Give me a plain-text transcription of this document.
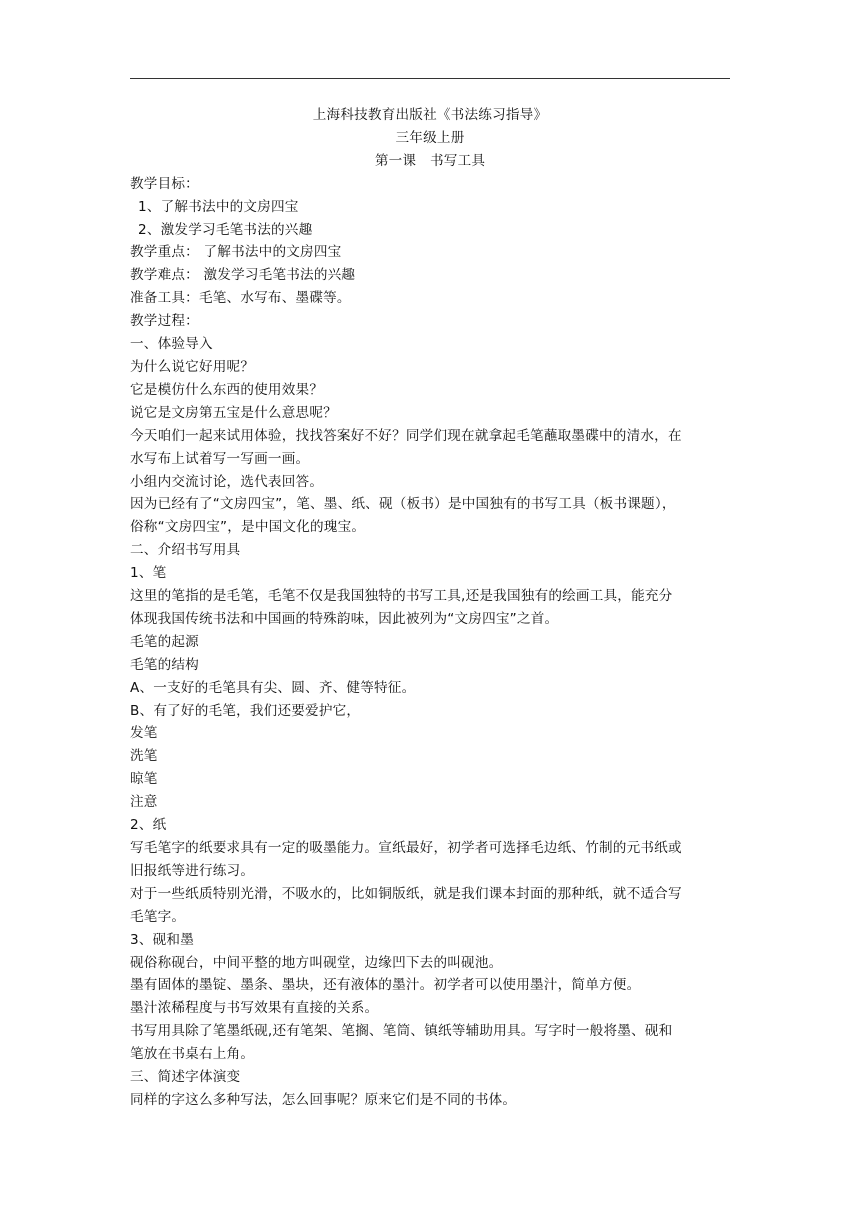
上海科技教育出版社《书法练习指导》
三年级上册
第一课　书写工具
教学目标：
1、了解书法中的文房四宝
2、激发学习毛笔书法的兴趣
教学重点： 了解书法中的文房四宝
教学难点： 激发学习毛笔书法的兴趣
准备工具：毛笔、水写布、墨碟等。
教学过程：
一、体验导入
为什么说它好用呢？
它是模仿什么东西的使用效果？
说它是文房第五宝是什么意思呢？
今天咱们一起来试用体验，找找答案好不好？同学们现在就拿起毛笔蘸取墨碟中的清水，在
水写布上试着写一写画一画。
小组内交流讨论，选代表回答。
因为已经有了“文房四宝”，笔、墨、纸、砚（板书）是中国独有的书写工具（板书课题），
俗称“文房四宝”，是中国文化的瑰宝。
二、介绍书写用具
1、笔
这里的笔指的是毛笔，毛笔不仅是我国独特的书写工具,还是我国独有的绘画工具，能充分
体现我国传统书法和中国画的特殊韵味，因此被列为“文房四宝”之首。
毛笔的起源
毛笔的结构
A、一支好的毛笔具有尖、圆、齐、健等特征。
B、有了好的毛笔，我们还要爱护它，
发笔
洗笔
晾笔
注意
2、纸
写毛笔字的纸要求具有一定的吸墨能力。宣纸最好，初学者可选择毛边纸、竹制的元书纸或
旧报纸等进行练习。
对于一些纸质特别光滑，不吸水的，比如铜版纸，就是我们课本封面的那种纸，就不适合写
毛笔字。
3、砚和墨
砚俗称砚台，中间平整的地方叫砚堂，边缘凹下去的叫砚池。
墨有固体的墨锭、墨条、墨块，还有液体的墨汁。初学者可以使用墨汁，简单方便。
墨汁浓稀程度与书写效果有直接的关系。
书写用具除了笔墨纸砚,还有笔架、笔搁、笔筒、镇纸等辅助用具。写字时一般将墨、砚和
笔放在书桌右上角。
三、简述字体演变
同样的字这么多种写法，怎么回事呢？原来它们是不同的书体。
